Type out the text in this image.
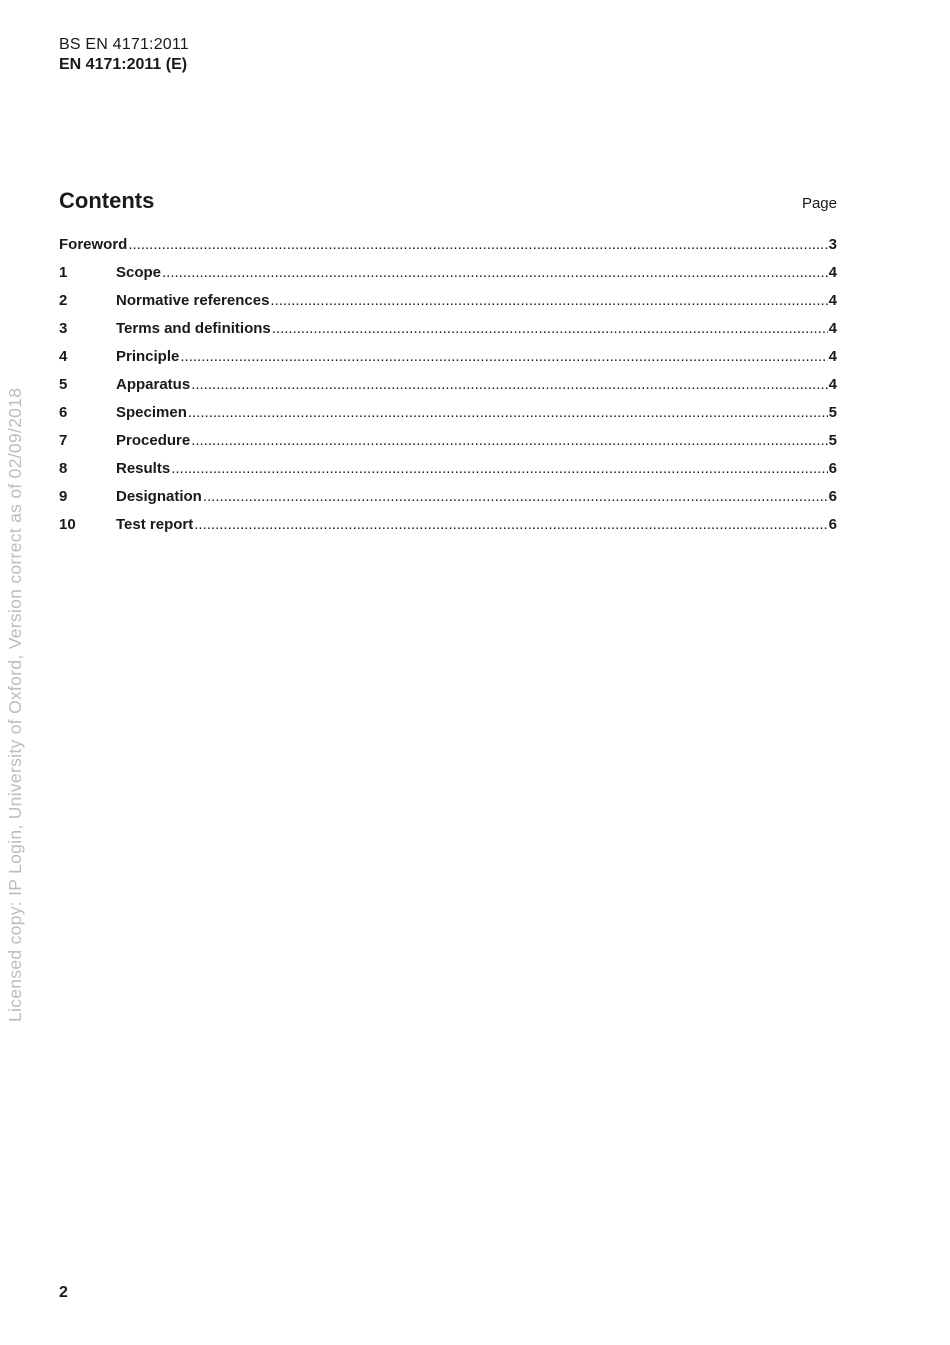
BS EN 4171:2011
EN 4171:2011 (E)
Contents	Page
Foreword .....	3
1	Scope .....	4
2	Normative references .....	4
3	Terms and definitions .....	4
4	Principle .....	4
5	Apparatus .....	4
6	Specimen .....	5
7	Procedure .....	5
8	Results .....	6
9	Designation .....	6
10	Test report .....	6
Licensed copy: IP Login, University of Oxford, Version correct as of 02/09/2018
2
